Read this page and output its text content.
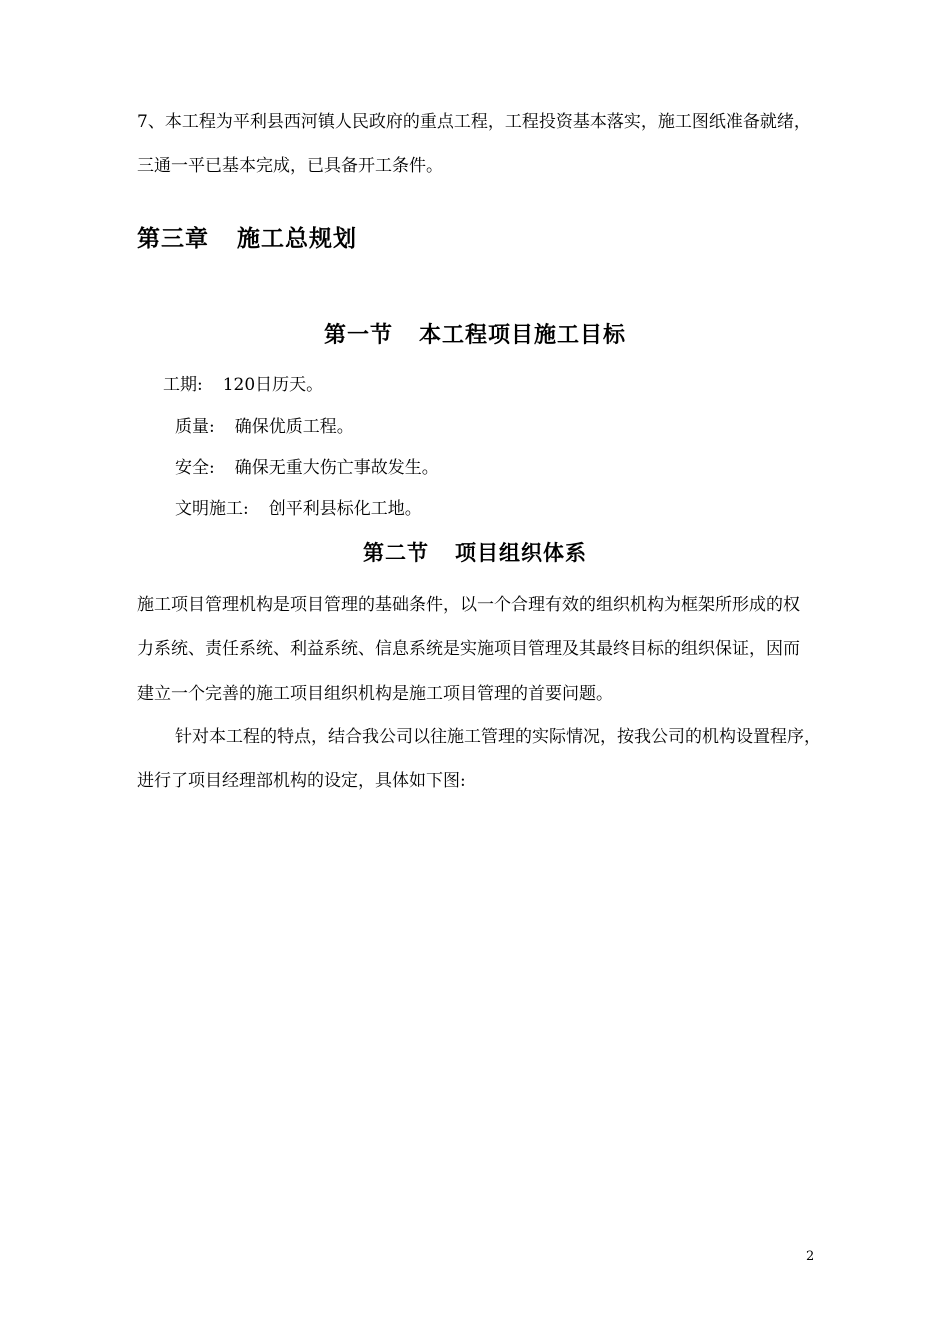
7、本工程为平利县西河镇人民政府的重点工程，工程投资基本落实，施工图纸准备就绪，
三通一平已基本完成，已具备开工条件。
第三章 施工总规划
第一节 本工程项目施工目标
工期: 120日历天。
质量: 确保优质工程。
安全: 确保无重大伤亡事故发生。
文明施工: 创平利县标化工地。
第二节 项目组织体系
施工项目管理机构是项目管理的基础条件，以一个合理有效的组织机构为框架所形成的权
力系统、责任系统、利益系统、信息系统是实施项目管理及其最终目标的组织保证，因而
建立一个完善的施工项目组织机构是施工项目管理的首要问题。
针对本工程的特点，结合我公司以往施工管理的实际情况，按我公司的机构设置程序，
进行了项目经理部机构的设定，具体如下图:
2
